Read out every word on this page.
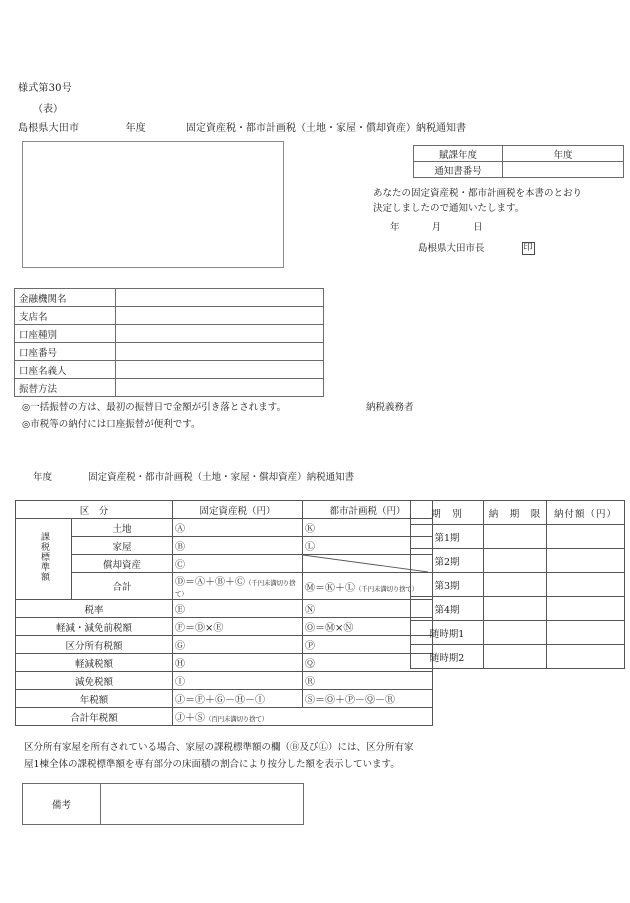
様式第30号
（表）
島根県大田市	年度	固定資産税・都市計画税（土地・家屋・償却資産）納税通知書
賦課年度	年度
通知書番号	
あなたの固定資産税・都市計画税を本書のとおり
決定しましたので通知いたします。
年	月	日
島根県大田市長	印
金融機関名	
支店名	
口座種別	
口座番号	
口座名義人	
振替方法	
◎一括振替の方は、最初の振替日で金額が引き落とされます。
◎市税等の納付には口座振替が便利です。
納税義務者
年度	固定資産税・都市計画税（土地・家屋・償却資産）納税通知書
区　分		固定資産税（円）	都市計画税（円）
課税標準額	土地	Ⓐ	Ⓚ
	家屋	Ⓑ	Ⓛ
	償却資産	Ⓒ	

	合計	Ⓓ＝Ⓐ＋Ⓑ＋Ⓒ（千円未満切り捨て）	Ⓜ＝Ⓚ＋Ⓛ（千円未満切り捨て）
税率		Ⓔ	Ⓝ
軽減・減免前税額		Ⓕ＝Ⓓ×Ⓔ	Ⓞ＝Ⓜ×Ⓝ
区分所有税額		Ⓖ	Ⓟ
軽減税額		Ⓗ	Ⓠ
減免税額		Ⓘ	Ⓡ
年税額		Ⓙ＝Ⓕ＋Ⓖ－Ⓗ－Ⓘ	Ⓢ＝Ⓞ＋Ⓟ－Ⓠ－Ⓡ
合計年税額		Ⓙ＋Ⓢ（百円未満切り捨て）	
期　別	納　期　限	納付額（円）
第1期		
第2期		
第3期		
第4期		
随時期1		
随時期2		
区分所有家屋を所有されている場合、家屋の課税標準額の欄（Ⓑ及びⓁ）には、区分所有家
屋1棟全体の課税標準額を専有部分の床面積の割合により按分した額を表示しています。
備考	
